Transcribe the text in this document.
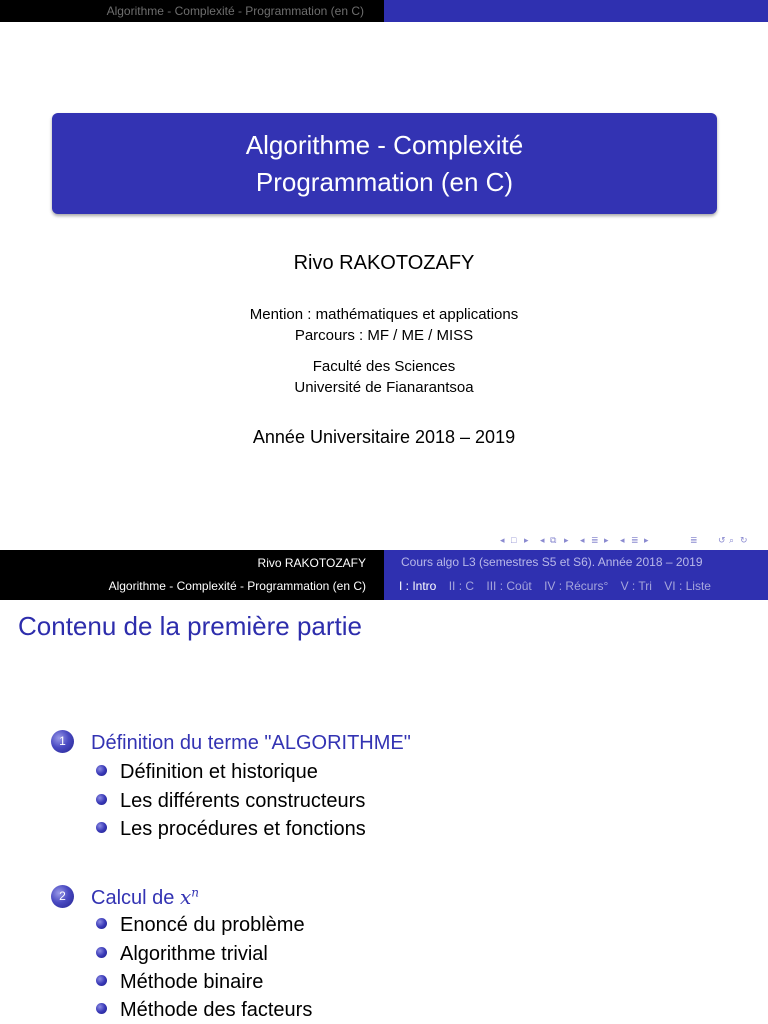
Algorithme - Complexité - Programmation (en C)
Algorithme - Complexité
Programmation (en C)
Rivo RAKOTOZAFY
Mention : mathématiques et applications
Parcours : MF / ME / MISS
Faculté des Sciences
Université de Fianarantsoa
Année Universitaire 2018 – 2019
◂ □ ▸ ◂ ⧉ ▸ ◂ ≣ ▸ ◂ ≣ ▸	≣ ↺ ⌕ ↻
Rivo RAKOTOZAFY
Algorithme - Complexité - Programmation (en C)
Cours algo L3 (semestres S5 et S6). Année 2018 – 2019
I : Intro II : C III : Coût IV : Récurs° V : Tri VI : Liste
Contenu de la première partie
1 Définition du terme "ALGORITHME"
Définition et historique
Les différents constructeurs
Les procédures et fonctions
2 Calcul de $x^n$
Enoncé du problème
Algorithme trivial
Méthode binaire
Méthode des facteurs
